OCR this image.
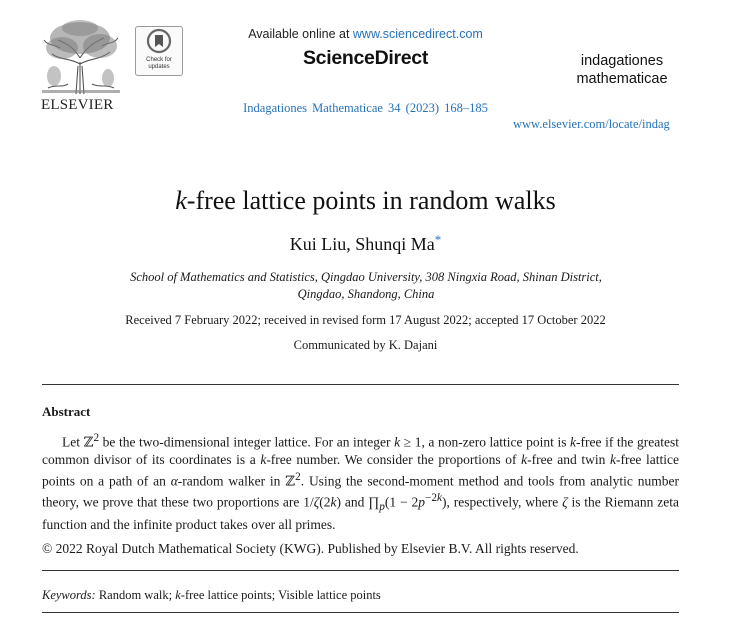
ELSEVIER
Check for updates
Available online at www.sciencedirect.com
ScienceDirect
Indagationes Mathematicae 34 (2023) 168–185
indagationes
mathematicae
www.elsevier.com/locate/indag
k-free lattice points in random walks
Kui Liu, Shunqi Ma*
School of Mathematics and Statistics, Qingdao University, 308 Ningxia Road, Shinan District, Qingdao, Shandong, China
Received 7 February 2022; received in revised form 17 August 2022; accepted 17 October 2022
Communicated by K. Dajani
Abstract

Let ℤ$^2$ be the two-dimensional integer lattice. For an integer k ≥ 1, a non-zero lattice point is k-free if the greatest common divisor of its coordinates is a k-free number. We consider the proportions of k-free and twin k-free lattice points on a path of an α-random walker in ℤ$^2$. Using the second-moment method and tools from analytic number theory, we prove that these two proportions are 1/ζ(2k) and $\prod_p(1 - 2p^{-2k})$, respectively, where ζ is the Riemann zeta function and the infinite product takes over all primes.

© 2022 Royal Dutch Mathematical Society (KWG). Published by Elsevier B.V. All rights reserved.
Keywords: Random walk; k-free lattice points; Visible lattice points
